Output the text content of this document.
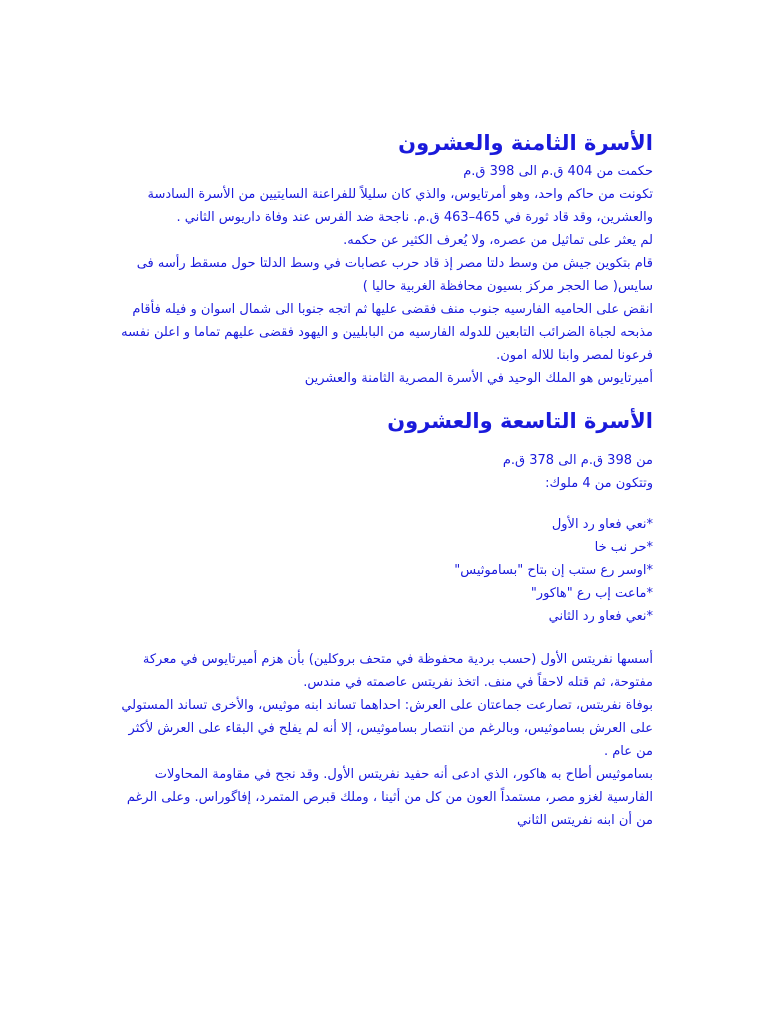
الأسرة الثامنة والعشرون
حكمت من 404 ق.م الى 398 ق.م
تكونت من حاكم واحد، وهو أمرتايوس، والذي كان سليلاً للفراعنة السايتيين من الأسرة السادسة والعشرين، وقد قاد ثورة في 465–463 ق.م. ناجحة ضد الفرس عند وفاة داريوس الثاني .
لم يعثر على تماثيل من عصره، ولا يُعرف الكثير عن حكمه.
قام بتكوين جيش من وسط دلتا مصر إذ قاد حرب عصابات في وسط الدلتا حول مسقط رأسه فى سايس( صا الحجر مركز بسيون محافظة الغربية حاليا )
انقض على الحاميه الفارسيه جنوب منف فقضى عليها ثم اتجه جنوبا الى شمال اسوان و فيله فأقام مذبحه لجباة الضرائب التابعين للدوله الفارسيه من البابليين و اليهود فقضى عليهم تماما و اعلن نفسه فرعونا لمصر وابنا للاله امون.
أميرتايوس هو الملك الوحيد في الأسرة المصرية الثامنة والعشرين
الأسرة التاسعة والعشرون
من 398 ق.م الى 378 ق.م
وتتكون من 4 ملوك:
*نعي فعاو رد الأول
*حر نب خا
*اوسر رع ستب إن بتاح "بساموثيس"
*ماعت إب رع "هاكور"
*نعي فعاو رد الثاني
أسسها نفريتس الأول (حسب بردية محفوظة في متحف بروكلين) بأن هزم أميرتايوس في معركة مفتوحة، ثم قتله لاحقاً في منف. اتخذ نفريتس عاصمته في مندس.
بوفاة نفريتس، تصارعت جماعتان على العرش: احداهما تساند ابنه موثيس، والأخرى تساند المستولي على العرش بساموثيس، وبالرغم من انتصار بساموثيس، إلا أنه لم يفلح في البقاء على العرش لأكثر من عام .
بساموثيس أطاح به هاكور، الذي ادعى أنه حفيد نفريتس الأول. وقد نجح في مقاومة المحاولات الفارسية لغزو مصر، مستمداً العون من كل من أثينا ، وملك قبرص المتمرد، إفاگوراس. وعلى الرغم من أن ابنه نفريتس الثاني
